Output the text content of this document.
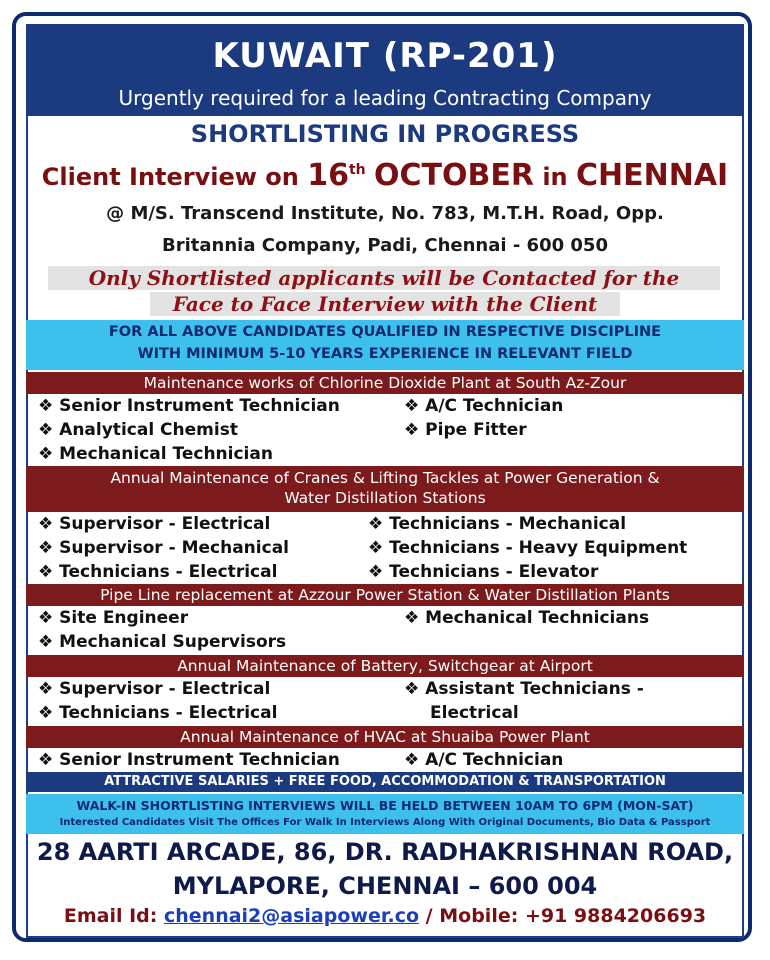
KUWAIT (RP-201)
Urgently required for a leading Contracting Company
SHORTLISTING IN PROGRESS
Client Interview on 16th OCTOBER in CHENNAI
@ M/S. Transcend Institute, No. 783, M.T.H. Road, Opp.
Britannia Company, Padi, Chennai - 600 050
Only Shortlisted applicants will be Contacted for the
Face to Face Interview with the Client
FOR ALL ABOVE CANDIDATES QUALIFIED IN RESPECTIVE DISCIPLINE
WITH MINIMUM 5-10 YEARS EXPERIENCE IN RELEVANT FIELD
Maintenance works of Chlorine Dioxide Plant at South Az-Zour
❖ Senior Instrument Technician
❖ Analytical Chemist
❖ Mechanical Technician
❖ A/C Technician
❖ Pipe Fitter
Annual Maintenance of Cranes & Lifting Tackles at Power Generation &
Water Distillation Stations
❖ Supervisor - Electrical
❖ Supervisor - Mechanical
❖ Technicians - Electrical
❖ Technicians - Mechanical
❖ Technicians - Heavy Equipment
❖ Technicians - Elevator
Pipe Line replacement at Azzour Power Station & Water Distillation Plants
❖ Site Engineer
❖ Mechanical Supervisors
❖ Mechanical Technicians
Annual Maintenance of Battery, Switchgear at Airport
❖ Supervisor - Electrical
❖ Technicians - Electrical
❖ Assistant Technicians -
Electrical
Annual Maintenance of HVAC at Shuaiba Power Plant
❖ Senior Instrument Technician	❖ A/C Technician
ATTRACTIVE SALARIES + FREE FOOD, ACCOMMODATION & TRANSPORTATION
WALK-IN SHORTLISTING INTERVIEWS WILL BE HELD BETWEEN 10AM TO 6PM (MON-SAT)
Interested Candidates Visit The Offices For Walk In Interviews Along With Original Documents, Bio Data & Passport
28 AARTI ARCADE, 86, DR. RADHAKRISHNAN ROAD,
MYLAPORE, CHENNAI – 600 004
Email Id: chennai2@asiapower.co / Mobile: +91 9884206693
